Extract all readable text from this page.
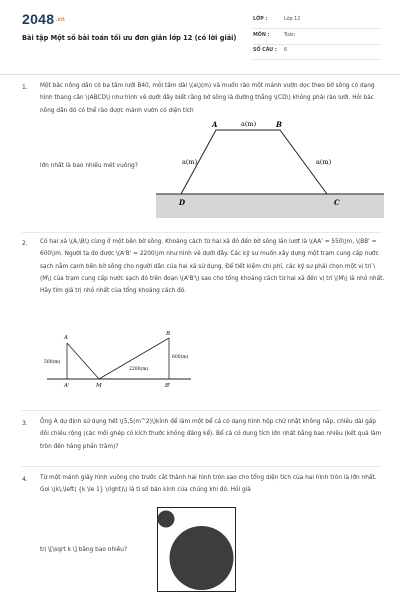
2048.vn
Bài tập Một số bài toán tối ưu đơn giản lớp 12 (có lời giải)
LỚP :	Lớp 12
MÔN :	Toán
SỐ CÂU : 6
1. Một bác nông dân có ba tấm lưới B40, mỗi tấm dài \(a\)(m) và muốn rào một mảnh vườn dọc theo bờ sông có dạng hình thang cân \(ABCD\) như hình vẽ dưới đây biết rằng bờ sông là đường thẳng \(CD\) không phải rào lưới. Hỏi bác nông dân đó có thể rào được mảnh vườn có diện tích
lớn nhất là bao nhiêu mét vuông?
A	B
D	C
a(m)
a(m)	a(m)
2. Có hai xã \(A,\B\) cùng ở một bên bờ sông. Khoảng cách từ hai xã đó đến bờ sông lần lượt là \(AA' = 550\)m, \(BB' = 600\)m. Người ta đo được \(A'B' = 2200\)m như hình vẽ dưới đây. Các kỹ sư muốn xây dựng một trạm cung cấp nước sạch nằm cạnh bên bờ sông cho người dân của hai xã sử dụng. Để tiết kiệm chi phí, các kỹ sư phải chọn một vị trí \(M\) của trạm cung cấp nước sạch đó trên đoạn \(A'B'\) sao cho tổng khoảng cách từ hai xã đến vị trí \(M\) là nhỏ nhất. Hãy tìm giá trị nhỏ nhất của tổng khoảng cách đó.
A
B
A'	M	B'
500(m)
600(m)
2200(m)
3. Ông A dự định sử dụng hết \(5,5(m^2)\)kính để làm một bể cá có dạng hình hộp chữ nhật không nắp, chiều dài gấp đôi chiều rộng (các mối ghép có kích thước không đáng kể). Bể cá có dung tích lớn nhất bằng bao nhiêu (kết quả làm tròn đến hàng phần trăm)?
4. Từ một mảnh giấy hình vuông cho trước cắt thành hai hình tròn sao cho tổng diện tích của hai hình tròn là lớn nhất. Gọi \(k\,\left( {k \le 1} \right)\) là tỉ số bán kính của chúng khi đó. Hỏi giá
trị \[\sqrt k \] bằng bao nhiêu?
